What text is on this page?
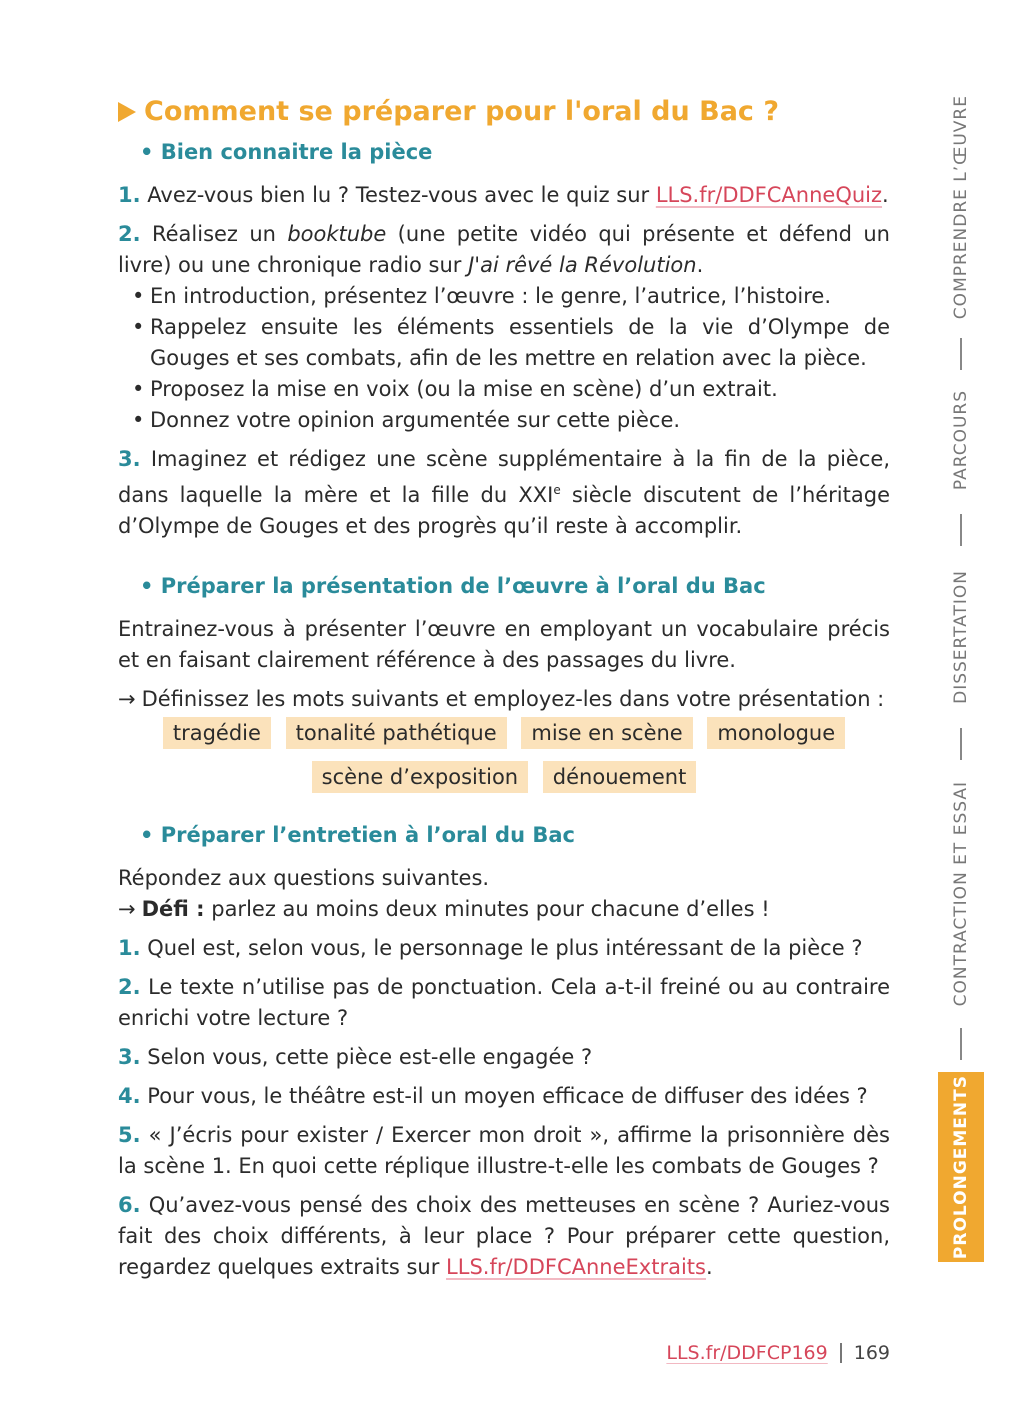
Comment se préparer pour l'oral du Bac ?
• Bien connaitre la pièce

1. Avez-vous bien lu ? Testez-vous avec le quiz sur LLS.fr/DDFCAnneQuiz.

2. Réalisez un booktube (une petite vidéo qui présente et défend un livre) ou une chronique radio sur J'ai rêvé la Révolution.

• En introduction, présentez l’œuvre : le genre, l’autrice, l’histoire.
• Rappelez ensuite les éléments essentiels de la vie d’Olympe de Gouges et ses combats, afin de les mettre en relation avec la pièce.
• Proposez la mise en voix (ou la mise en scène) d’un extrait.
• Donnez votre opinion argumentée sur cette pièce.

3. Imaginez et rédigez une scène supplémentaire à la fin de la pièce, dans laquelle la mère et la fille du XXIe siècle discutent de l’héritage d’Olympe de Gouges et des progrès qu’il reste à accomplir.

• Préparer la présentation de l’œuvre à l’oral du Bac

Entrainez-vous à présenter l’œuvre en employant un vocabulaire précis et en faisant clairement référence à des passages du livre.

→ Définissez les mots suivants et employez-les dans votre présentation :

tragédie tonalité pathétique mise en scène monologue
scène d’exposition dénouement
• Préparer l’entretien à l’oral du Bac

Répondez aux questions suivantes.

→ Défi : parlez au moins deux minutes pour chacune d’elles !

1. Quel est, selon vous, le personnage le plus intéressant de la pièce ?

2. Le texte n’utilise pas de ponctuation. Cela a-t-il freiné ou au contraire enrichi votre lecture ?

3. Selon vous, cette pièce est-elle engagée ?

4. Pour vous, le théâtre est-il un moyen efficace de diffuser des idées ?

5. « J’écris pour exister / Exercer mon droit », affirme la prisonnière dès la scène 1. En quoi cette réplique illustre-t-elle les combats de Gouges ?

6. Qu’avez-vous pensé des choix des metteuses en scène ? Auriez-vous fait des choix différents, à leur place ? Pour préparer cette question, regardez quelques extraits sur LLS.fr/DDFCAnneExtraits.

COMPRENDRE L’ŒUVRE
PARCOURS
DISSERTATION
CONTRACTION ET ESSAI
PROLONGEMENTS
LLS.fr/DDFCP169 169
